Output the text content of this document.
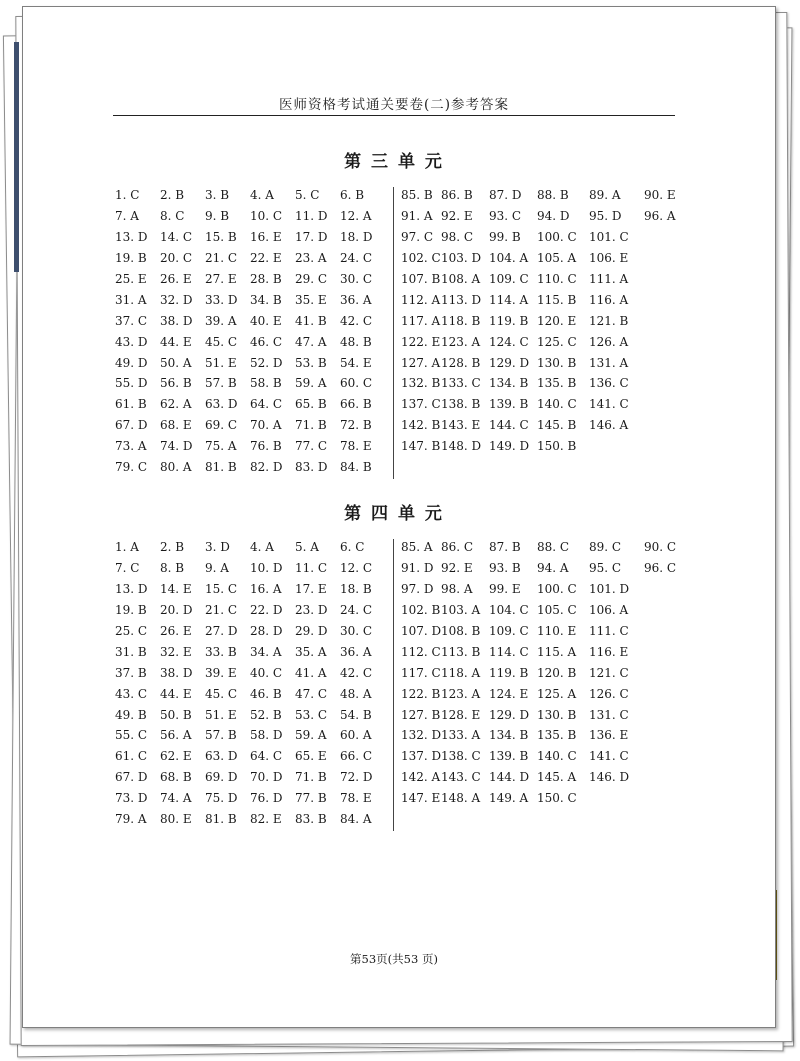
医师资格考试通关要卷(二)参考答案
第 三 单 元
1. C	2. B	3. B	4. A	5. C	6. B
7. A	8. C	9. B	10. C	11. D	12. A
13. D	14. C	15. B	16. E	17. D	18. D
19. B	20. C	21. C	22. E	23. A	24. C
25. E	26. E	27. E	28. B	29. C	30. C
31. A	32. D	33. D	34. B	35. E	36. A
37. C	38. D	39. A	40. E	41. B	42. C
43. D	44. E	45. C	46. C	47. A	48. B
49. D	50. A	51. E	52. D	53. B	54. E
55. D	56. B	57. B	58. B	59. A	60. C
61. B	62. A	63. D	64. C	65. B	66. B
67. D	68. E	69. C	70. A	71. B	72. B
73. A	74. D	75. A	76. B	77. C	78. E
79. C	80. A	81. B	82. D	83. D	84. B
85. B 86. B	87. D	88. B	89. A	90. E
91. A 92. E	93. C	94. D	95. D	96. A
97. C 98. C	99. B	100. C	101. C
102. C 103. D 104. A 105. A	106. E
107. B 108. A 109. C 110. C	111. A
112. A 113. D 114. A 115. B	116. A
117. A 118. B 119. B 120. E	121. B
122. E 123. A 124. C 125. C	126. A
127. A 128. B 129. D 130. B	131. A
132. B 133. C 134. B 135. B	136. C
137. C 138. B 139. B 140. C	141. C
142. B 143. E 144. C 145. B	146. A
147. B 148. D 149. D 150. B
第 四 单 元
1. A	2. B	3. D	4. A	5. A	6. C
7. C	8. B	9. A	10. D	11. C	12. C
13. D	14. E	15. C	16. A	17. E	18. B
19. B	20. D	21. C	22. D	23. D	24. C
25. C	26. E	27. D	28. D	29. D	30. C
31. B	32. E	33. B	34. A	35. A	36. A
37. B	38. D	39. E	40. C	41. A	42. C
43. C	44. E	45. C	46. B	47. C	48. A
49. B	50. B	51. E	52. B	53. C	54. B
55. C	56. A	57. B	58. D	59. A	60. A
61. C	62. E	63. D	64. C	65. E	66. C
67. D	68. B	69. D	70. D	71. B	72. D
73. D	74. A	75. D	76. D	77. B	78. E
79. A	80. E	81. B	82. E	83. B	84. A
85. A 86. C	87. B	88. C	89. C	90. C
91. D 92. E	93. B	94. A	95. C	96. C
97. D 98. A	99. E	100. C	101. D
102. B 103. A 104. C 105. C	106. A
107. D 108. B 109. C 110. E	111. C
112. C 113. B 114. C 115. A	116. E
117. C 118. A 119. B 120. B	121. C
122. B 123. A 124. E 125. A	126. C
127. B 128. E 129. D 130. B	131. C
132. D 133. A 134. B 135. B	136. E
137. D 138. C 139. B 140. C	141. C
142. A 143. C 144. D 145. A	146. D
147. E 148. A 149. A 150. C
第53页(共53 页)
